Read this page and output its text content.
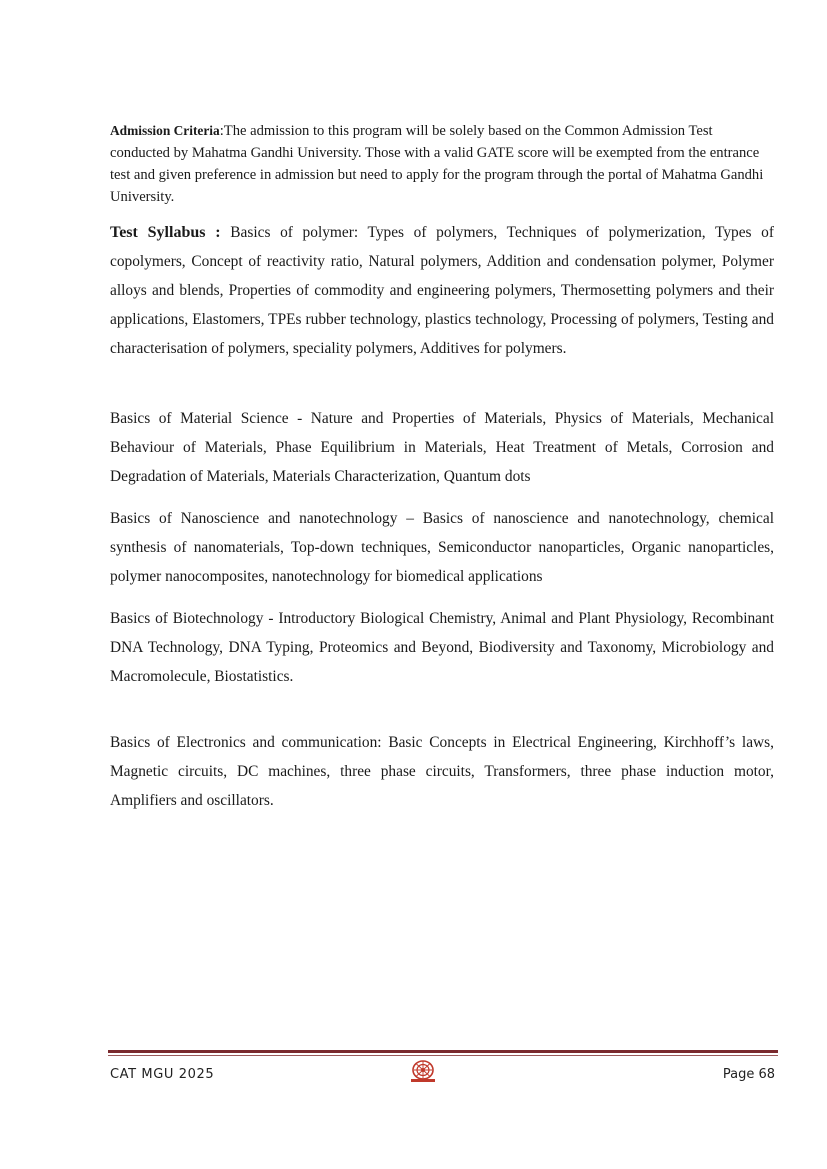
Admission Criteria:The admission to this program will be solely based on the Common Admission Test conducted by Mahatma Gandhi University. Those with a valid GATE score will be exempted from the entrance test and given preference in admission but need to apply for the program through the portal of Mahatma Gandhi University.

Test Syllabus : Basics of polymer: Types of polymers, Techniques of polymerization, Types of copolymers, Concept of reactivity ratio, Natural polymers, Addition and condensation polymer, Polymer alloys and blends, Properties of commodity and engineering polymers, Thermosetting polymers and their applications, Elastomers, TPEs rubber technology, plastics technology, Processing of polymers, Testing and characterisation of polymers, speciality polymers, Additives for polymers.

Basics of Material Science - Nature and Properties of Materials, Physics of Materials, Mechanical Behaviour of Materials, Phase Equilibrium in Materials, Heat Treatment of Metals, Corrosion and Degradation of Materials, Materials Characterization, Quantum dots

Basics of Nanoscience and nanotechnology – Basics of nanoscience and nanotechnology, chemical synthesis of nanomaterials, Top-down techniques, Semiconductor nanoparticles, Organic nanoparticles, polymer nanocomposites, nanotechnology for biomedical applications

Basics of Biotechnology - Introductory Biological Chemistry, Animal and Plant Physiology, Recombinant DNA Technology, DNA Typing, Proteomics and Beyond, Biodiversity and Taxonomy, Microbiology and Macromolecule, Biostatistics.

Basics of Electronics and communication: Basic Concepts in Electrical Engineering, Kirchhoff’s laws, Magnetic circuits, DC machines, three phase circuits, Transformers, three phase induction motor, Amplifiers and oscillators.

CAT MGU 2025	Page 68
